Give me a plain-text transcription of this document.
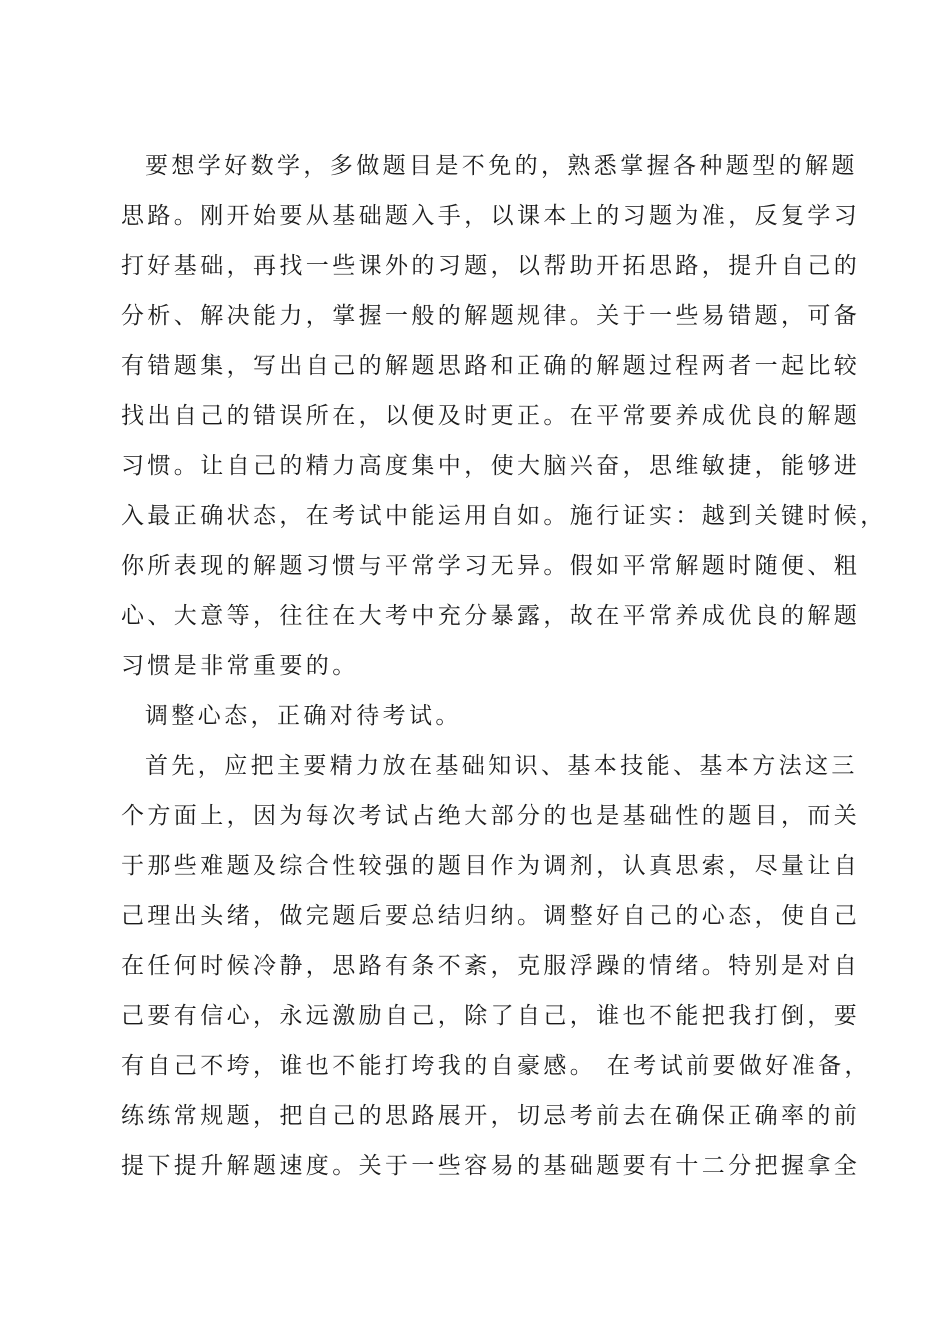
要想学好数学，多做题目是不免的，熟悉掌握各种题型的解题
思路。刚开始要从基础题入手，以课本上的习题为准，反复学习
打好基础，再找一些课外的习题，以帮助开拓思路，提升自己的
分析、解决能力，掌握一般的解题规律。关于一些易错题，可备
有错题集，写出自己的解题思路和正确的解题过程两者一起比较
找出自己的错误所在，以便及时更正。在平常要养成优良的解题
习惯。让自己的精力高度集中，使大脑兴奋，思维敏捷，能够进
入最正确状态，在考试中能运用自如。施行证实：越到关键时候，
你所表现的解题习惯与平常学习无异。假如平常解题时随便、粗
心、大意等，往往在大考中充分暴露，故在平常养成优良的解题
习惯是非常重要的。
调整心态，正确对待考试。
首先，应把主要精力放在基础知识、基本技能、基本方法这三
个方面上，因为每次考试占绝大部分的也是基础性的题目，而关
于那些难题及综合性较强的题目作为调剂，认真思索，尽量让自
己理出头绪，做完题后要总结归纳。调整好自己的心态，使自己
在任何时候冷静，思路有条不紊，克服浮躁的情绪。特别是对自
己要有信心，永远激励自己，除了自己，谁也不能把我打倒，要
有自己不垮，谁也不能打垮我的自豪感。 在考试前要做好准备，
练练常规题，把自己的思路展开，切忌考前去在确保正确率的前
提下提升解题速度。关于一些容易的基础题要有十二分把握拿全
